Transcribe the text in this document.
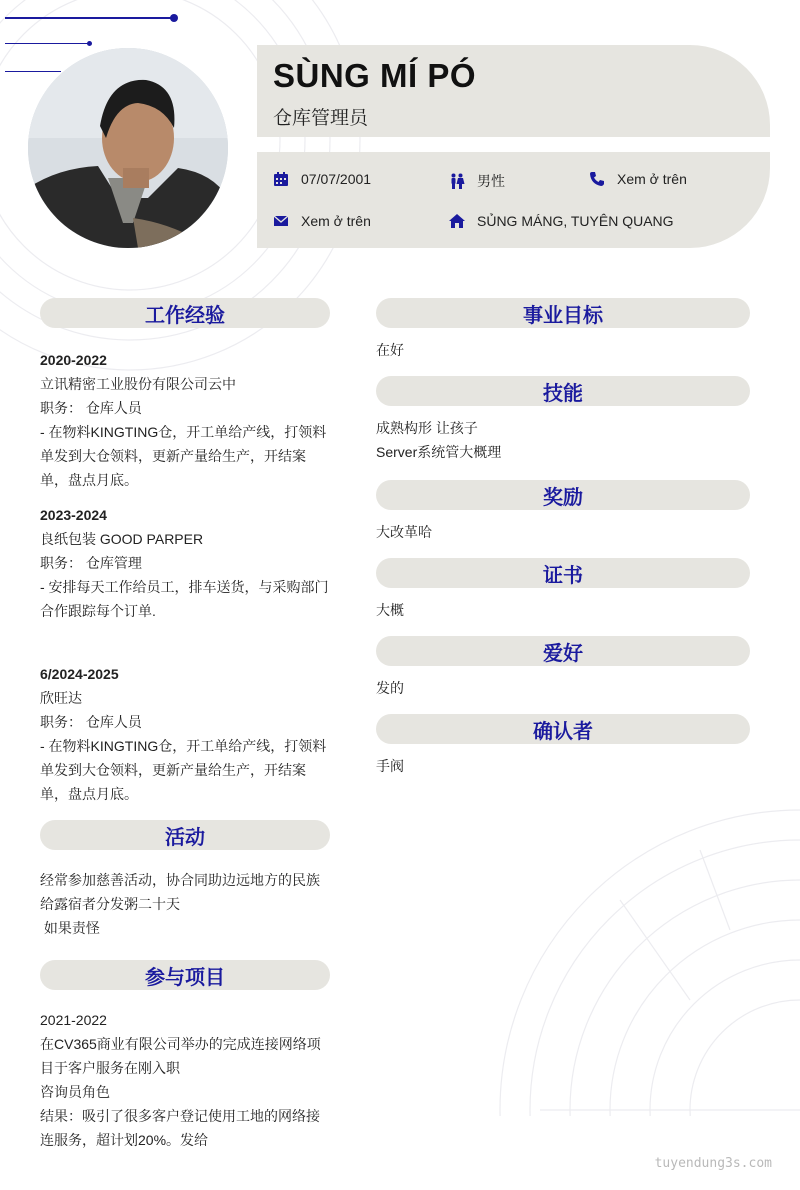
SÙNG MÍ PÓ
仓库管理员
07/07/2001	男性	Xem ở trên
Xem ở trên	SỦNG MÁNG, TUYÊN QUANG
工作经验
2020-2022
立讯精密工业股份有限公司云中
职务： 仓库人员
- 在物料KINGTING仓，开工单给产线，打领料单发到大仓领料，更新产量给生产，开结案单，盘点月底。
2023-2024
良纸包装 GOOD PARPER
职务： 仓库管理
- 安排每天工作给员工，排车送货，与采购部门合作跟踪每个订单.
6/2024-2025
欣旺达
职务： 仓库人员
- 在物料KINGTING仓，开工单给产线，打领料单发到大仓领料，更新产量给生产，开结案单，盘点月底。
活动
经常参加慈善活动，协合同助边远地方的民族
给露宿者分发粥二十天
如果责怪
参与项目
2021-2022
在CV365商业有限公司举办的完成连接网络项目于客户服务在刚入职
咨询员角色
结果：吸引了很多客户登记使用工地的网络接连服务，超计划20%。发给
事业目标
在好
技能
成熟构形 让孩子
Server系统管大概理
奖励
大改革哈
证书
大概
爱好
发的
确认者
手阀
tuyendung3s.com
